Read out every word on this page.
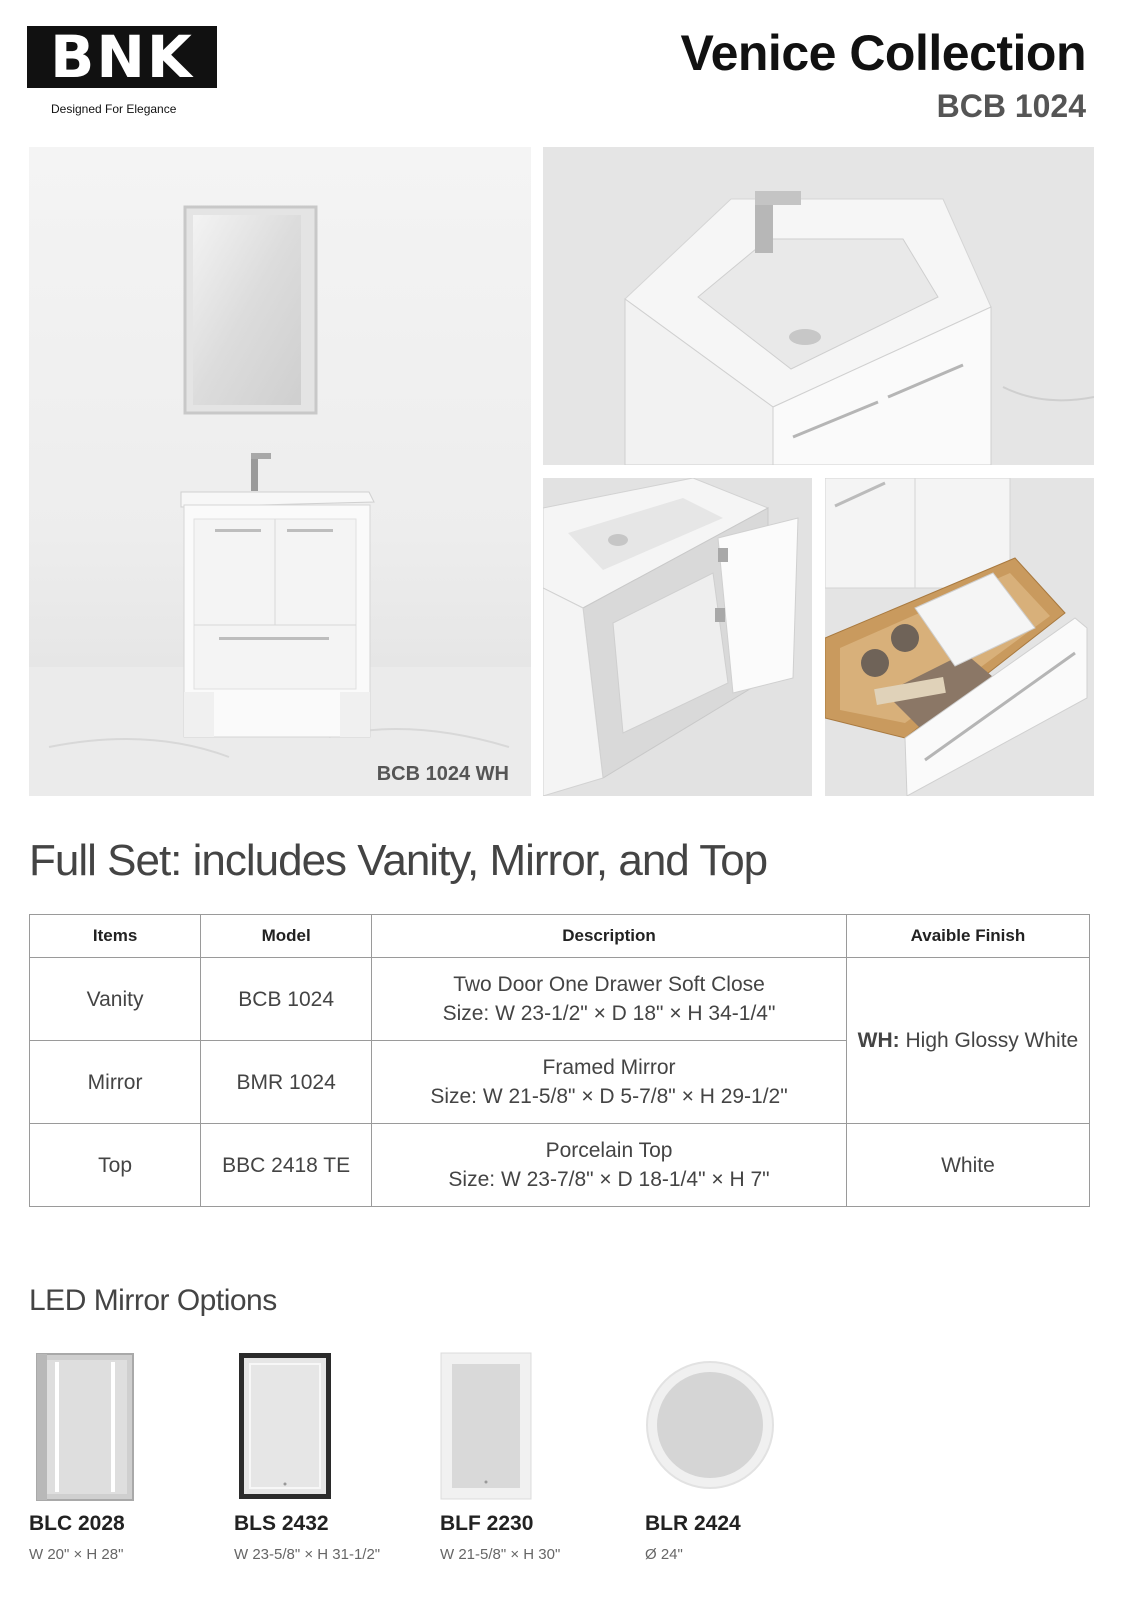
BNK
Designed For Elegance
Venice Collection
BCB 1024
BCB 1024 WH
Full Set: includes Vanity, Mirror, and Top
Items	Model	Description	Avaible Finish
Vanity	BCB 1024	Two Door One Drawer Soft Close
Size: W 23-1/2" × D 18" × H 34-1/4"	WH: High Glossy White
Mirror	BMR 1024	Framed Mirror
Size: W 21-5/8" × D 5-7/8" × H 29-1/2"	

Top	BBC 2418 TE	Porcelain Top
Size: W 23-7/8" × D 18-1/4" × H 7"	White
LED Mirror Options
BLC 2028
W 20" × H 28"
BLS 2432
W 23-5/8" × H 31-1/2"
BLF 2230
W 21-5/8" × H 30"
BLR 2424
Ø 24"
